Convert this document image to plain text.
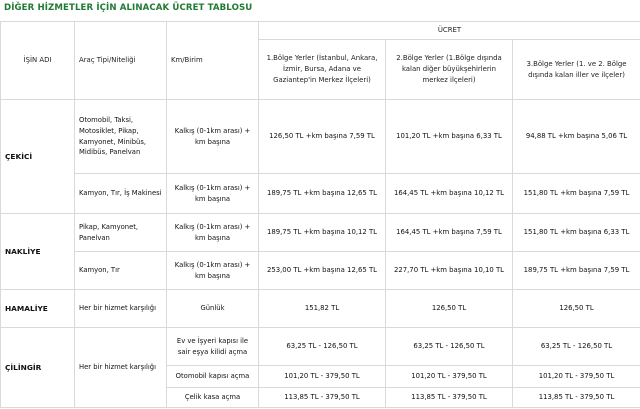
DİĞER HİZMETLER İÇİN ALINACAK ÜCRET TABLOSU
İŞİN ADI	Araç Tipi/Niteliği	Km/Birim	ÜCRET		
			1.Bölge Yerler (İstanbul, Ankara, İzmir, Bursa, Adana ve Gaziantep'in Merkez İlçeleri)	2.Bölge Yerler (1.Bölge dışında kalan diğer büyükşehirlerin merkez ilçeleri)	3.Bölge Yerler (1. ve 2. Bölge dışında kalan iller ve ilçeler)
ÇEKİCİ	Otomobil, Taksi, Motosiklet, Pikap, Kamyonet, Minibüs, Midibüs, Panelvan	Kalkış (0-1km arası) + km başına	126,50 TL +km başına 7,59 TL	101,20 TL +km başına 6,33 TL	94,88 TL +km başına 5,06 TL
	Kamyon, Tır, İş Makinesi	Kalkış (0-1km arası) + km başına	189,75 TL +km başına 12,65 TL	164,45 TL +km başına 10,12 TL	151,80 TL +km başına 7,59 TL
NAKLİYE	Pikap, Kamyonet, Panelvan	Kalkış (0-1km arası) + km başına	189,75 TL +km başına 10,12 TL	164,45 TL +km başına 7,59 TL	151,80 TL +km başına 6,33 TL
	Kamyon, Tır	Kalkış (0-1km arası) + km başına	253,00 TL +km başına 12,65 TL	227,70 TL +km başına 10,10 TL	189,75 TL +km başına 7,59 TL
HAMALİYE	Her bir hizmet karşılığı	Günlük	151,82 TL	126,50 TL	126,50 TL
ÇİLİNGİR	Her bir hizmet karşılığı	Ev ve İşyeri kapısı ile sair eşya kilidi açma	63,25 TL - 126,50 TL	63,25 TL - 126,50 TL	63,25 TL - 126,50 TL
		Otomobil kapısı açma	101,20 TL - 379,50 TL	101,20 TL - 379,50 TL	101,20 TL - 379,50 TL
		Çelik kasa açma	113,85 TL - 379,50 TL	113,85 TL - 379,50 TL	113,85 TL - 379,50 TL
